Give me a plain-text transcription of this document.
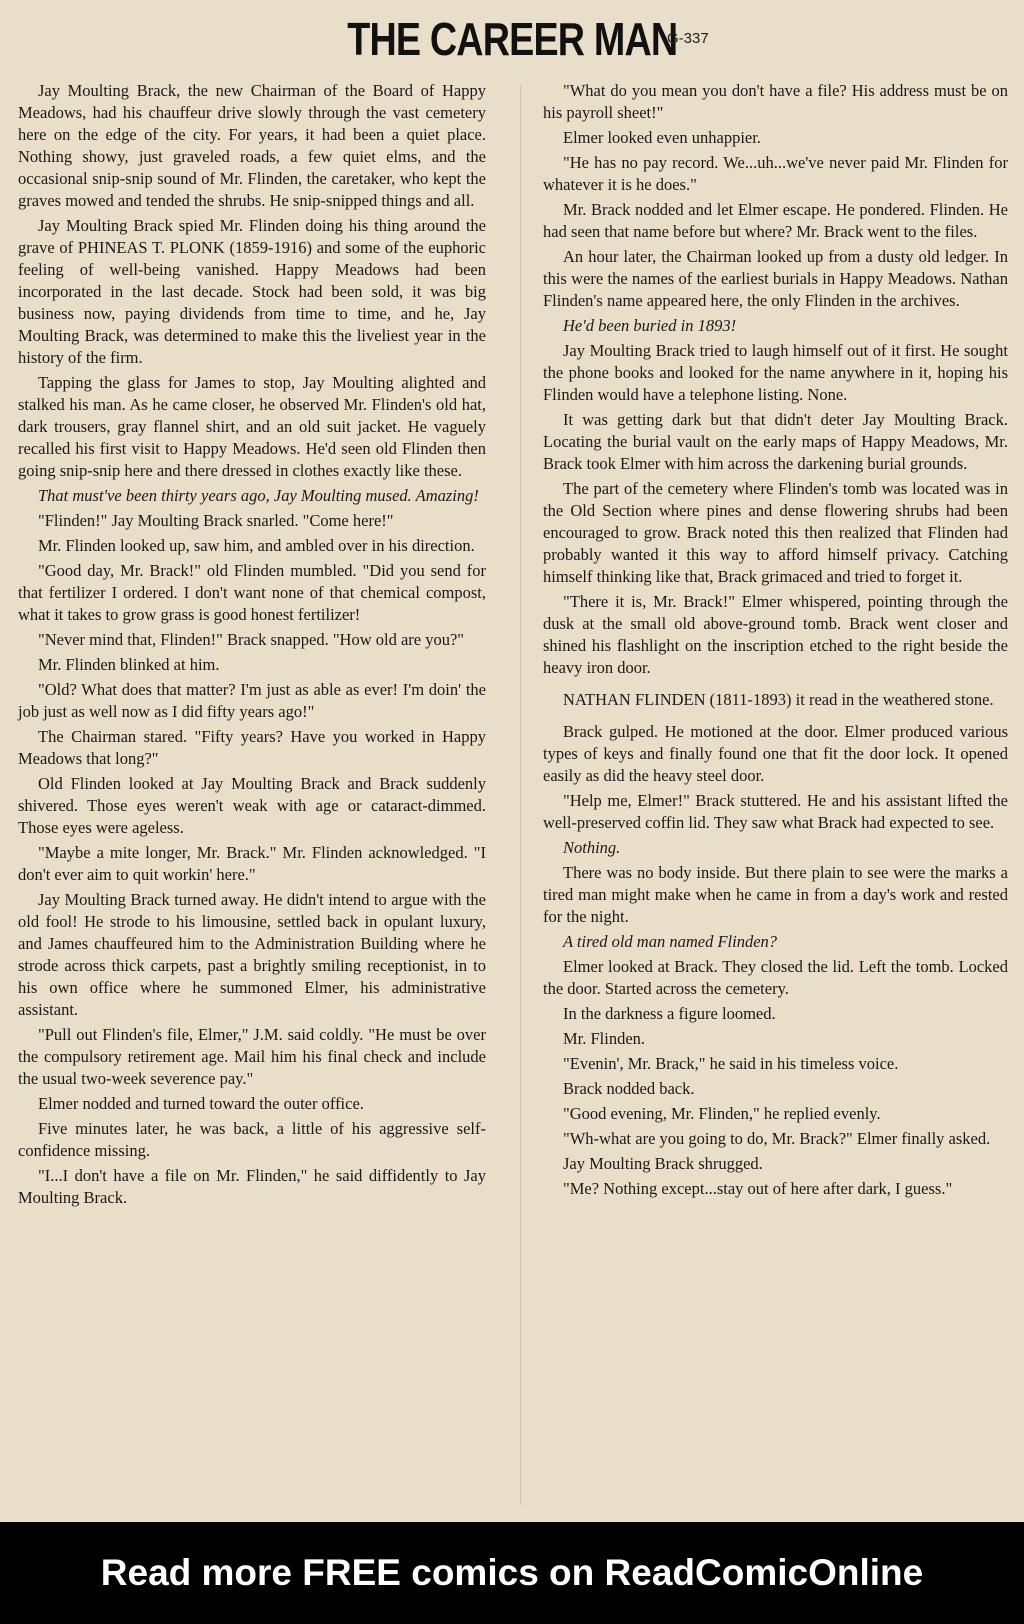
THE CAREER MAN
G-337

Jay Moulting Brack, the new Chairman of the Board of Happy Meadows, had his chauffeur drive slowly through the vast cemetery here on the edge of the city. For years, it had been a quiet place. Nothing showy, just graveled roads, a few quiet elms, and the occasional snip-snip sound of Mr. Flinden, the caretaker, who kept the graves mowed and tended the shrubs. He snip-snipped things and all.

Jay Moulting Brack spied Mr. Flinden doing his thing around the grave of PHINEAS T. PLONK (1859-1916) and some of the euphoric feeling of well-being vanished. Happy Meadows had been incorporated in the last decade. Stock had been sold, it was big business now, paying dividends from time to time, and he, Jay Moulting Brack, was determined to make this the liveliest year in the history of the firm.

Tapping the glass for James to stop, Jay Moulting alighted and stalked his man. As he came closer, he observed Mr. Flinden's old hat, dark trousers, gray flannel shirt, and an old suit jacket. He vaguely recalled his first visit to Happy Meadows. He'd seen old Flinden then going snip-snip here and there dressed in clothes exactly like these.

That must've been thirty years ago, Jay Moulting mused. Amazing!

"Flinden!" Jay Moulting Brack snarled. "Come here!"

Mr. Flinden looked up, saw him, and ambled over in his direction.

"Good day, Mr. Brack!" old Flinden mumbled. "Did you send for that fertilizer I ordered. I don't want none of that chemical compost, what it takes to grow grass is good honest fertilizer!

"Never mind that, Flinden!" Brack snapped. "How old are you?"

Mr. Flinden blinked at him.

"Old? What does that matter? I'm just as able as ever! I'm doin' the job just as well now as I did fifty years ago!"

The Chairman stared. "Fifty years? Have you worked in Happy Meadows that long?"

Old Flinden looked at Jay Moulting Brack and Brack suddenly shivered. Those eyes weren't weak with age or cataract-dimmed. Those eyes were ageless.

"Maybe a mite longer, Mr. Brack." Mr. Flinden acknowledged. "I don't ever aim to quit workin' here."

Jay Moulting Brack turned away. He didn't intend to argue with the old fool! He strode to his limousine, settled back in opulant luxury, and James chauffeured him to the Administration Building where he strode across thick carpets, past a brightly smiling receptionist, in to his own office where he summoned Elmer, his administrative assistant.

"Pull out Flinden's file, Elmer," J.M. said coldly. "He must be over the compulsory retirement age. Mail him his final check and include the usual two-week severence pay."

Elmer nodded and turned toward the outer office.

Five minutes later, he was back, a little of his aggressive self-confidence missing.

"I...I don't have a file on Mr. Flinden," he said diffidently to Jay Moulting Brack.

"What do you mean you don't have a file? His address must be on his payroll sheet!"

Elmer looked even unhappier.

"He has no pay record. We...uh...we've never paid Mr. Flinden for whatever it is he does."

Mr. Brack nodded and let Elmer escape. He pondered. Flinden. He had seen that name before but where? Mr. Brack went to the files.

An hour later, the Chairman looked up from a dusty old ledger. In this were the names of the earliest burials in Happy Meadows. Nathan Flinden's name appeared here, the only Flinden in the archives.

He'd been buried in 1893!

Jay Moulting Brack tried to laugh himself out of it first. He sought the phone books and looked for the name anywhere in it, hoping his Flinden would have a telephone listing. None.

It was getting dark but that didn't deter Jay Moulting Brack. Locating the burial vault on the early maps of Happy Meadows, Mr. Brack took Elmer with him across the darkening burial grounds.

The part of the cemetery where Flinden's tomb was located was in the Old Section where pines and dense flowering shrubs had been encouraged to grow. Brack noted this then realized that Flinden had probably wanted it this way to afford himself privacy. Catching himself thinking like that, Brack grimaced and tried to forget it.

"There it is, Mr. Brack!" Elmer whispered, pointing through the dusk at the small old above-ground tomb. Brack went closer and shined his flashlight on the inscription etched to the right beside the heavy iron door.

NATHAN FLINDEN (1811-1893) it read in the weathered stone.

Brack gulped. He motioned at the door. Elmer produced various types of keys and finally found one that fit the door lock. It opened easily as did the heavy steel door.

"Help me, Elmer!" Brack stuttered. He and his assistant lifted the well-preserved coffin lid. They saw what Brack had expected to see.

Nothing.

There was no body inside. But there plain to see were the marks a tired man might make when he came in from a day's work and rested for the night.

A tired old man named Flinden?

Elmer looked at Brack. They closed the lid. Left the tomb. Locked the door. Started across the cemetery.

In the darkness a figure loomed.

Mr. Flinden.

"Evenin', Mr. Brack," he said in his timeless voice.

Brack nodded back.

"Good evening, Mr. Flinden," he replied evenly.

"Wh-what are you going to do, Mr. Brack?" Elmer finally asked.

Jay Moulting Brack shrugged.

"Me? Nothing except...stay out of here after dark, I guess."

Read more FREE comics on ReadComicOnline
